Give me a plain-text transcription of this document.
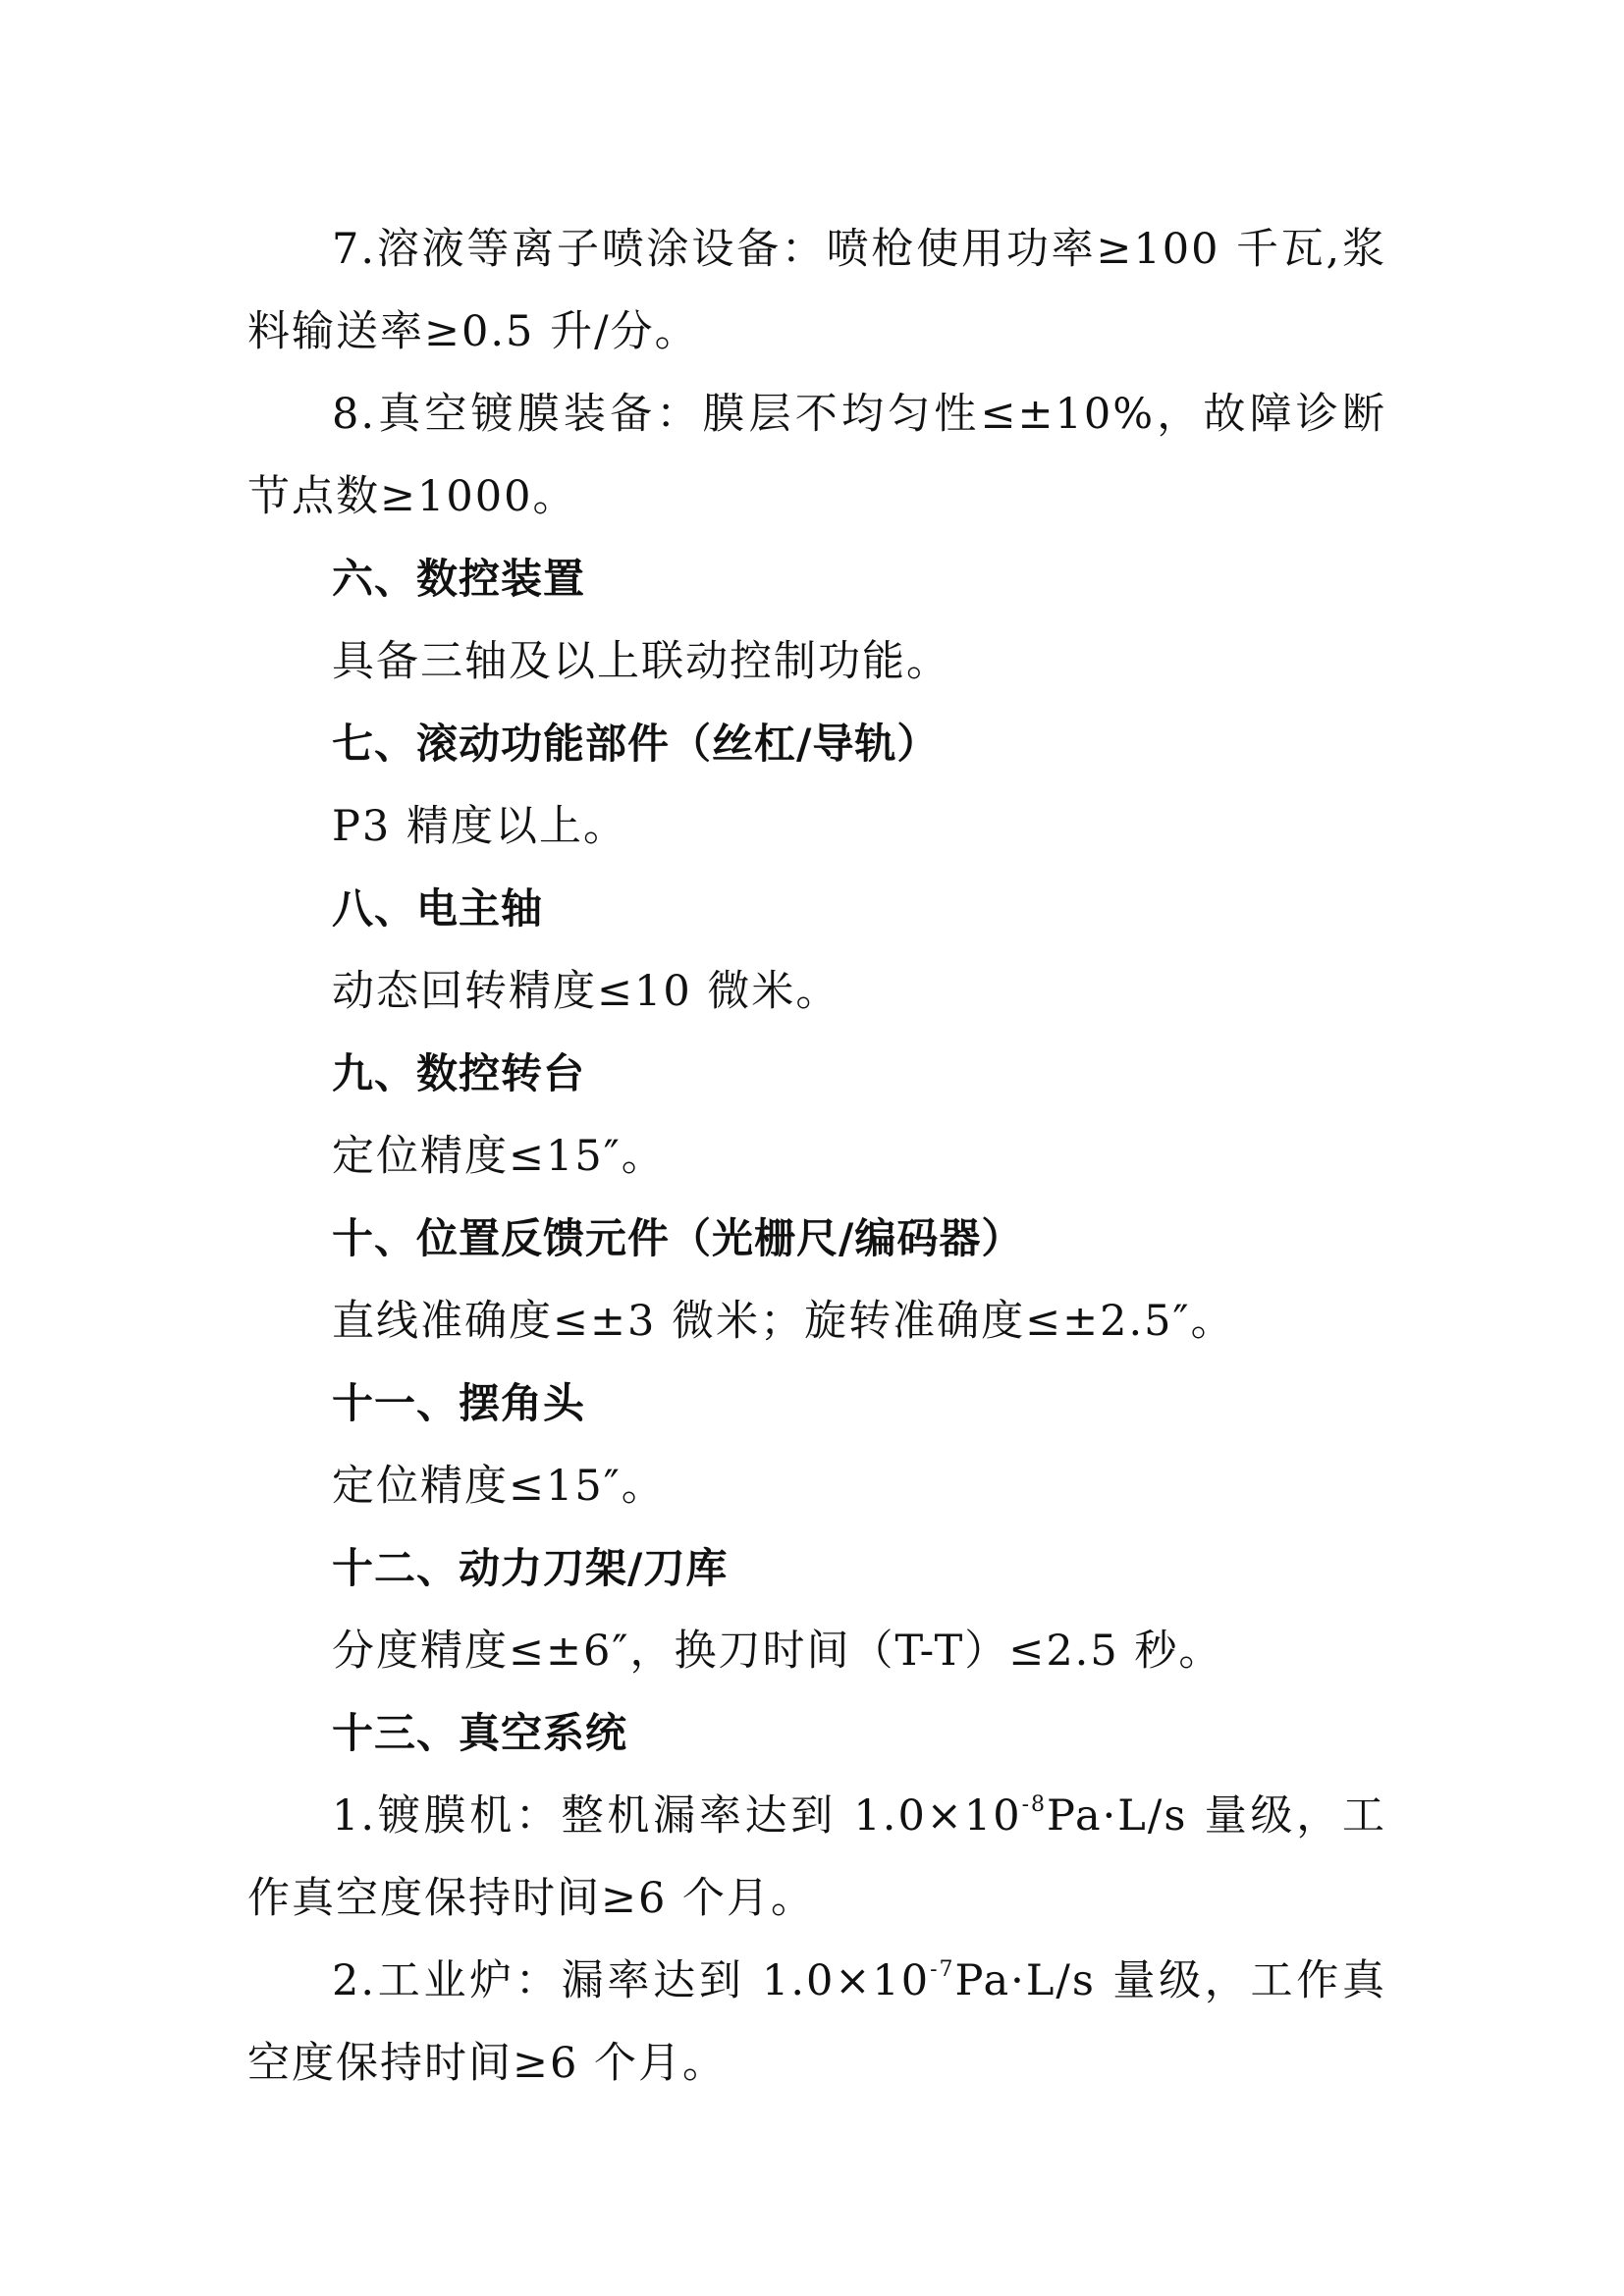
7.溶液等离子喷涂设备：喷枪使用功率≥100 千瓦,浆料输送率≥0.5 升/分。

8.真空镀膜装备：膜层不均匀性≤±10%，故障诊断节点数≥1000。

六、数控装置

具备三轴及以上联动控制功能。

七、滚动功能部件（丝杠/导轨）

P3 精度以上。

八、电主轴

动态回转精度≤10 微米。

九、数控转台

定位精度≤15″。

十、位置反馈元件（光栅尺/编码器）

直线准确度≤±3 微米；旋转准确度≤±2.5″。

十一、摆角头

定位精度≤15″。

十二、动力刀架/刀库

分度精度≤±6″，换刀时间（T-T）≤2.5 秒。

十三、真空系统

1.镀膜机：整机漏率达到 $1.0\times 10^{-8}Pa\cdot L/s$ 量级，工作真空度保持时间≥6 个月。

2.工业炉：漏率达到 $1.0\times 10^{-7}Pa\cdot L/s$ 量级，工作真空度保持时间≥6 个月。
